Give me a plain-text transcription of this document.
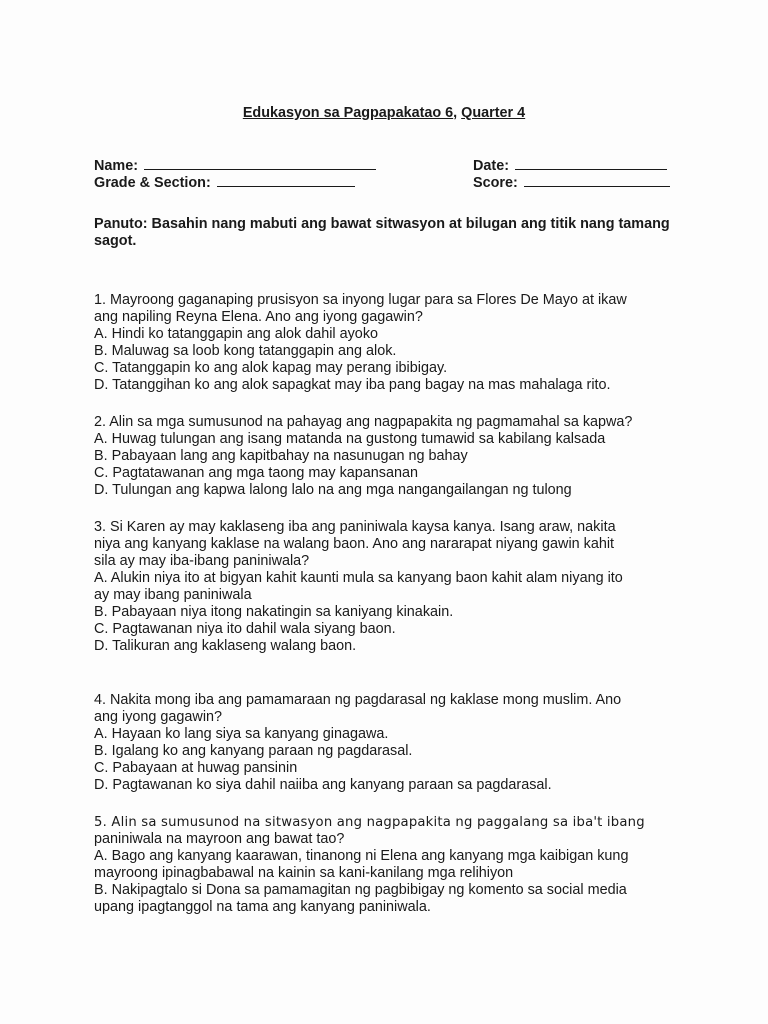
Edukasyon sa Pagpapakatao 6, Quarter 4
Name:	Date:
Grade & Section:	Score:
Panuto: Basahin nang mabuti ang bawat sitwasyon at bilugan ang titik nang tamang sagot.
1. Mayroong gaganaping prusisyon sa inyong lugar para sa Flores De Mayo at ikaw
ang napiling Reyna Elena. Ano ang iyong gagawin?
A. Hindi ko tatanggapin ang alok dahil ayoko
B. Maluwag sa loob kong tatanggapin ang alok.
C. Tatanggapin ko ang alok kapag may perang ibibigay.
D. Tatanggihan ko ang alok sapagkat may iba pang bagay na mas mahalaga rito.
2. Alin sa mga sumusunod na pahayag ang nagpapakita ng pagmamahal sa kapwa?
A. Huwag tulungan ang isang matanda na gustong tumawid sa kabilang kalsada
B. Pabayaan lang ang kapitbahay na nasunugan ng bahay
C. Pagtatawanan ang mga taong may kapansanan
D. Tulungan ang kapwa lalong lalo na ang mga nangangailangan ng tulong
3. Si Karen ay may kaklaseng iba ang paniniwala kaysa kanya. Isang araw, nakita
niya ang kanyang kaklase na walang baon. Ano ang nararapat niyang gawin kahit
sila ay may iba-ibang paniniwala?
A. Alukin niya ito at bigyan kahit kaunti mula sa kanyang baon kahit alam niyang ito
ay may ibang paniniwala
B. Pabayaan niya itong nakatingin sa kaniyang kinakain.
C. Pagtawanan niya ito dahil wala siyang baon.
D. Talikuran ang kaklaseng walang baon.
4. Nakita mong iba ang pamamaraan ng pagdarasal ng kaklase mong muslim. Ano
ang iyong gagawin?
A. Hayaan ko lang siya sa kanyang ginagawa.
B. Igalang ko ang kanyang paraan ng pagdarasal.
C. Pabayaan at huwag pansinin
D. Pagtawanan ko siya dahil naiiba ang kanyang paraan sa pagdarasal.
5. Alin sa sumusunod na sitwasyon ang nagpapakita ng paggalang sa iba't ibang
paniniwala na mayroon ang bawat tao?
A. Bago ang kanyang kaarawan, tinanong ni Elena ang kanyang mga kaibigan kung
mayroong ipinagbabawal na kainin sa kani-kanilang mga relihiyon
B. Nakipagtalo si Dona sa pamamagitan ng pagbibigay ng komento sa social media
upang ipagtanggol na tama ang kanyang paniniwala.
